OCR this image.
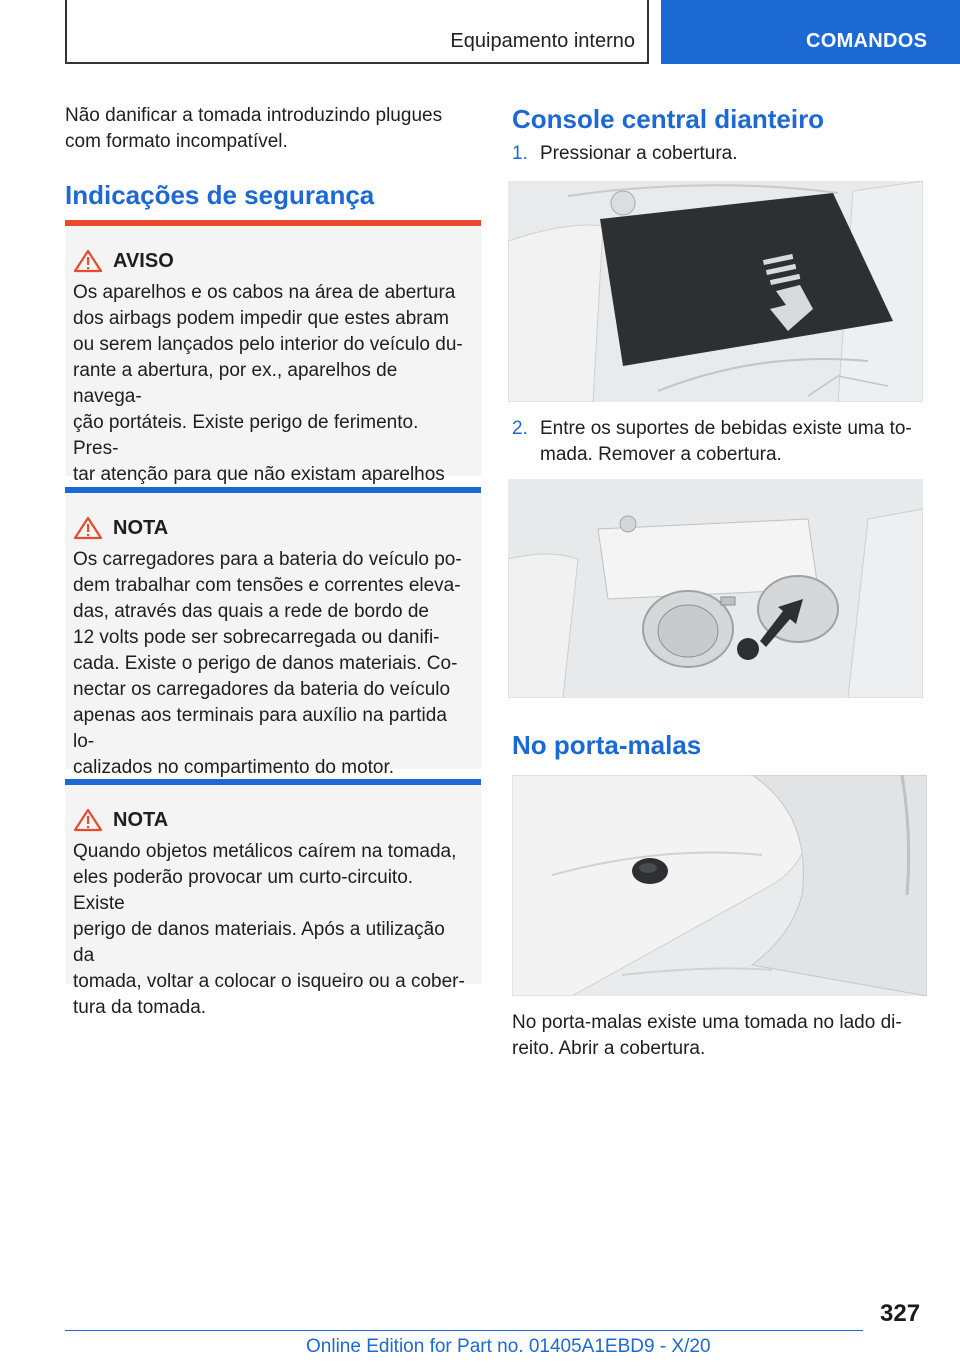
Equipamento interno	COMANDOS
Não danificar a tomada introduzindo plugues
com formato incompatível.
Indicações de segurança
AVISO

Os aparelhos e os cabos na área de abertura
dos airbags podem impedir que estes abram
ou serem lançados pelo interior do veículo du-
rante a abertura, por ex., aparelhos de navega-
ção portáteis. Existe perigo de ferimento. Pres-
tar atenção para que não existam aparelhos

NOTA

Os carregadores para a bateria do veículo po-
dem trabalhar com tensões e correntes eleva-
das, através das quais a rede de bordo de
12 volts pode ser sobrecarregada ou danifi-
cada. Existe o perigo de danos materiais. Co-
nectar os carregadores da bateria do veículo
apenas aos terminais para auxílio na partida lo-
calizados no compartimento do motor.

NOTA

Quando objetos metálicos caírem na tomada,
eles poderão provocar um curto-circuito. Existe
perigo de danos materiais. Após a utilização da
tomada, voltar a colocar o isqueiro ou a cober-
tura da tomada.

Console central dianteiro
1. Pressionar a cobertura.
2. Entre os suportes de bebidas existe uma to-
mada. Remover a cobertura.
No porta-malas
No porta-malas existe uma tomada no lado di-
reito. Abrir a cobertura.
327
Online Edition for Part no. 01405A1EBD9 - X/20
